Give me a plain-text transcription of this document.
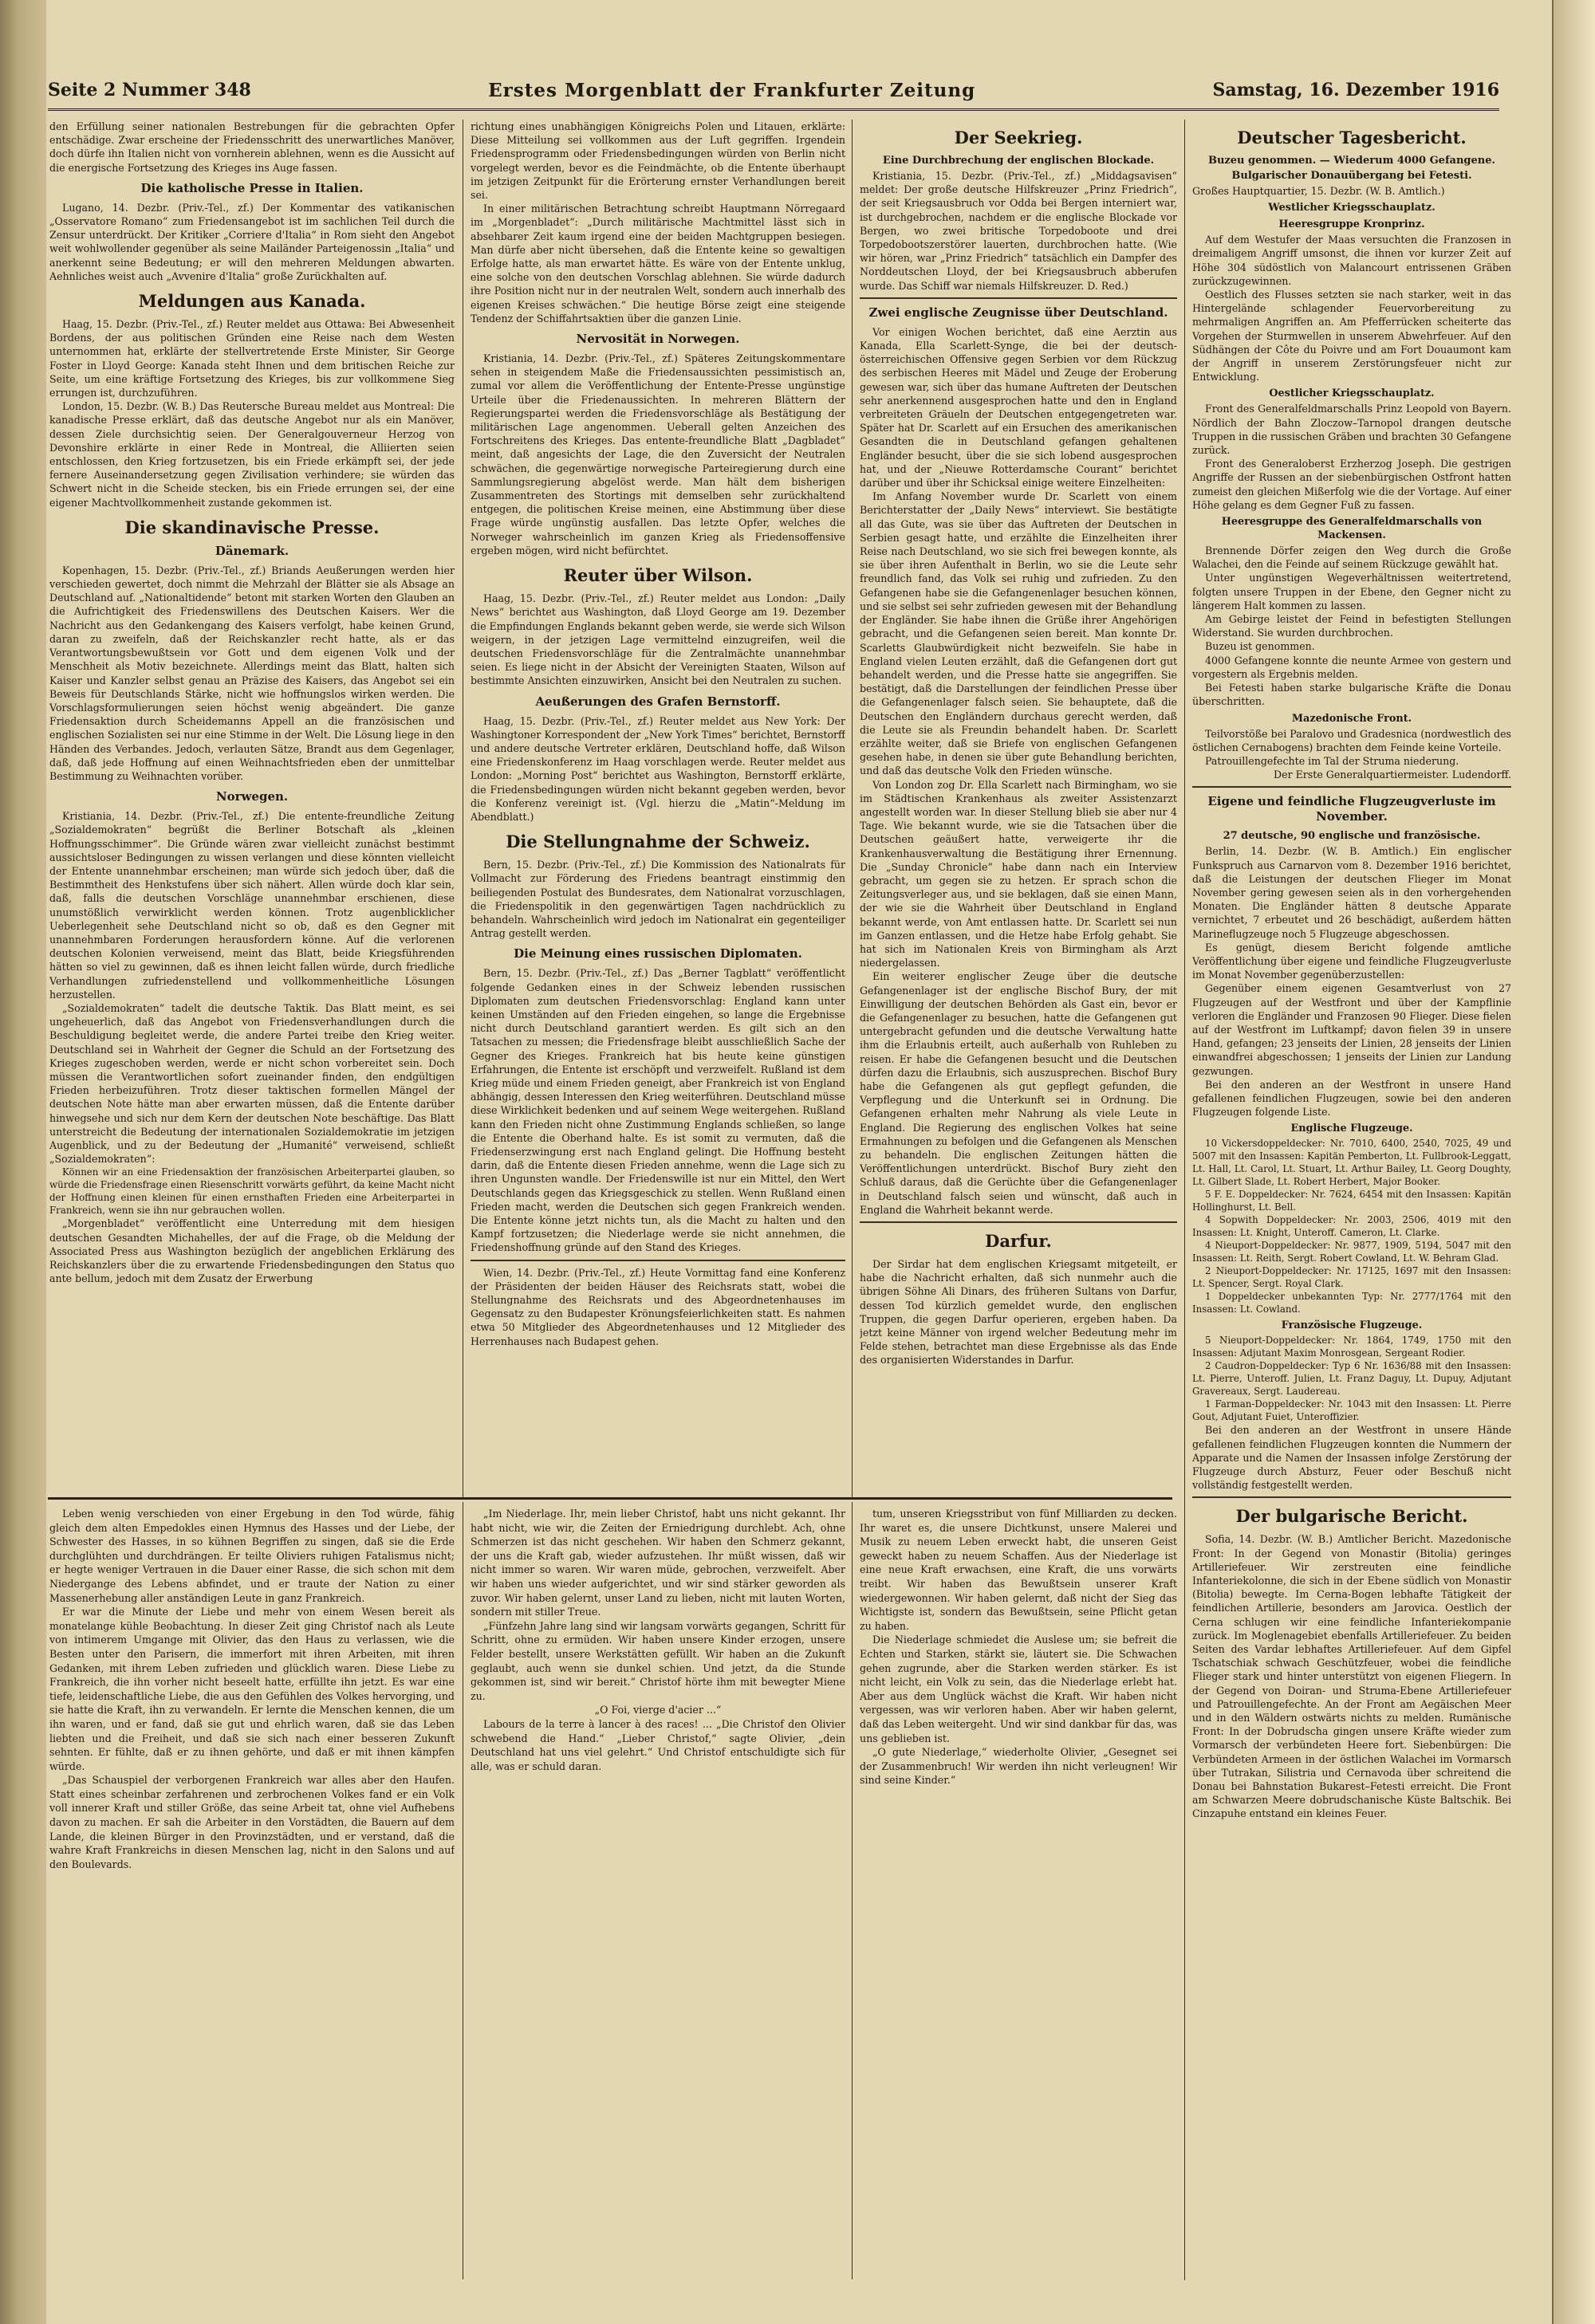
Seite 2 Nummer 348	Erstes Morgenblatt der Frankfurter Zeitung	Samstag, 16. Dezember 1916

den Erfüllung seiner nationalen Bestrebungen für die gebrachten Opfer entschädige. Zwar erscheine der Friedensschritt des unerwartliches Manöver, doch dürfe ihn Italien nicht von vornherein ablehnen, wenn es die Aussicht auf die energische Fortsetzung des Krieges ins Auge fassen.

Die katholische Presse in Italien.

Lugano, 14. Dezbr. (Priv.-Tel., zf.) Der Kommentar des vatikanischen „Osservatore Romano“ zum Friedensangebot ist im sachlichen Teil durch die Zensur unterdrückt. Der Kritiker „Corriere d'Italia“ in Rom sieht den Angebot weit wohlwollender gegenüber als seine Mailänder Parteigenossin „Italia“ und anerkennt seine Bedeutung; er will den mehreren Meldungen abwarten. Aehnliches weist auch „Avvenire d'Italia“ große Zurückhalten auf.

Meldungen aus Kanada.

Haag, 15. Dezbr. (Priv.-Tel., zf.) Reuter meldet aus Ottawa: Bei Abwesenheit Bordens, der aus politischen Gründen eine Reise nach dem Westen unternommen hat, erklärte der stellvertretende Erste Minister, Sir George Foster in Lloyd George: Kanada steht Ihnen und dem britischen Reiche zur Seite, um eine kräftige Fortsetzung des Krieges, bis zur vollkommene Sieg errungen ist, durchzuführen.

London, 15. Dezbr. (W. B.) Das Reutersche Bureau meldet aus Montreal: Die kanadische Presse erklärt, daß das deutsche Angebot nur als ein Manöver, dessen Ziele durchsichtig seien. Der Generalgouverneur Herzog von Devonshire erklärte in einer Rede in Montreal, die Alliierten seien entschlossen, den Krieg fortzusetzen, bis ein Friede erkämpft sei, der jede fernere Auseinandersetzung gegen Zivilisation verhindere; sie würden das Schwert nicht in die Scheide stecken, bis ein Friede errungen sei, der eine eigener Machtvollkommenheit zustande gekommen ist.

Die skandinavische Presse.
Dänemark.

Kopenhagen, 15. Dezbr. (Priv.-Tel., zf.) Briands Aeußerungen werden hier verschieden gewertet, doch nimmt die Mehrzahl der Blätter sie als Absage an Deutschland auf. „Nationaltidende“ betont mit starken Worten den Glauben an die Aufrichtigkeit des Friedenswillens des Deutschen Kaisers. Wer die Nachricht aus den Gedankengang des Kaisers verfolgt, habe keinen Grund, daran zu zweifeln, daß der Reichskanzler recht hatte, als er das Verantwortungsbewußtsein vor Gott und dem eigenen Volk und der Menschheit als Motiv bezeichnete. Allerdings meint das Blatt, halten sich Kaiser und Kanzler selbst genau an Präzise des Kaisers, das Angebot sei ein Beweis für Deutschlands Stärke, nicht wie hoffnungslos wirken werden. Die Vorschlagsformulierungen seien höchst wenig abgeändert. Die ganze Friedensaktion durch Scheidemanns Appell an die französischen und englischen Sozialisten sei nur eine Stimme in der Welt. Die Lösung liege in den Händen des Verbandes. Jedoch, verlauten Sätze, Brandt aus dem Gegenlager, daß, daß jede Hoffnung auf einen Weihnachtsfrieden eben der unmittelbar Bestimmung zu Weihnachten vorüber.

Norwegen.

Kristiania, 14. Dezbr. (Priv.-Tel., zf.) Die entente-freundliche Zeitung „Sozialdemokraten“ begrüßt die Berliner Botschaft als „kleinen Hoffnungsschimmer“. Die Gründe wären zwar vielleicht zunächst bestimmt aussichtsloser Bedingungen zu wissen verlangen und diese könnten vielleicht der Entente unannehmbar erscheinen; man würde sich jedoch über, daß die Bestimmtheit des Henkstufens über sich nähert. Allen würde doch klar sein, daß, falls die deutschen Vorschläge unannehmbar erschienen, diese unumstößlich verwirklicht werden können. Trotz augenblicklicher Ueberlegenheit sehe Deutschland nicht so ob, daß es den Gegner mit unannehmbaren Forderungen herausfordern könne. Auf die verlorenen deutschen Kolonien verweisend, meint das Blatt, beide Kriegsführenden hätten so viel zu gewinnen, daß es ihnen leicht fallen würde, durch friedliche Verhandlungen zufriedenstellend und vollkommenheitliche Lösungen herzustellen.

„Sozialdemokraten“ tadelt die deutsche Taktik. Das Blatt meint, es sei ungeheuerlich, daß das Angebot von Friedensverhandlungen durch die Beschuldigung begleitet werde, die andere Partei treibe den Krieg weiter. Deutschland sei in Wahrheit der Gegner die Schuld an der Fortsetzung des Krieges zugeschoben werden, werde er nicht schon vorbereitet sein. Doch müssen die Verantwortlichen sofort zueinander finden, den endgültigen Frieden herbeizuführen. Trotz dieser taktischen formellen Mängel der deutschen Note hätte man aber erwarten müssen, daß die Entente darüber hinwegsehe und sich nur dem Kern der deutschen Note beschäftige. Das Blatt unterstreicht die Bedeutung der internationalen Sozialdemokratie im jetzigen Augenblick, und zu der Bedeutung der „Humanité“ verweisend, schließt „Sozialdemokraten“:

Können wir an eine Friedensaktion der französischen Arbeiterpartei glauben, so würde die Friedensfrage einen Riesenschritt vorwärts geführt, da keine Macht nicht der Hoffnung einen kleinen für einen ernsthaften Frieden eine Arbeiterpartei in Frankreich, wenn sie ihn nur gebrauchen wollen.

„Morgenbladet“ veröffentlicht eine Unterredung mit dem hiesigen deutschen Gesandten Michahelles, der auf die Frage, ob die Meldung der Associated Press aus Washington bezüglich der angeblichen Erklärung des Reichskanzlers über die zu erwartende Friedensbedingungen den Status quo ante bellum, jedoch mit dem Zusatz der Erwerbung

richtung eines unabhängigen Königreichs Polen und Litauen, erklärte: Diese Mitteilung sei vollkommen aus der Luft gegriffen. Irgendein Friedensprogramm oder Friedensbedingungen würden von Berlin nicht vorgelegt werden, bevor es die Feindmächte, ob die Entente überhaupt im jetzigen Zeitpunkt für die Erörterung ernster Verhandlungen bereit sei.

In einer militärischen Betrachtung schreibt Hauptmann Nörregaard im „Morgenbladet“: „Durch militärische Machtmittel lässt sich in absehbarer Zeit kaum irgend eine der beiden Machtgruppen besiegen. Man dürfe aber nicht übersehen, daß die Entente keine so gewaltigen Erfolge hatte, als man erwartet hätte. Es wäre von der Entente unklug, eine solche von den deutschen Vorschlag ablehnen. Sie würde dadurch ihre Position nicht nur in der neutralen Welt, sondern auch innerhalb des eigenen Kreises schwächen.“ Die heutige Börse zeigt eine steigende Tendenz der Schiffahrtsaktien über die ganzen Linie.

Nervosität in Norwegen.

Kristiania, 14. Dezbr. (Priv.-Tel., zf.) Späteres Zeitungskommentare sehen in steigendem Maße die Friedensaussichten pessimistisch an, zumal vor allem die Veröffentlichung der Entente-Presse ungünstige Urteile über die Friedenaussichten. In mehreren Blättern der Regierungspartei werden die Friedensvorschläge als Bestätigung der militärischen Lage angenommen. Ueberall gelten Anzeichen des Fortschreitens des Krieges. Das entente-freundliche Blatt „Dagbladet“ meint, daß angesichts der Lage, die den Zuversicht der Neutralen schwächen, die gegenwärtige norwegische Parteiregierung durch eine Sammlungsregierung abgelöst werde. Man hält dem bisherigen Zusammentreten des Stortings mit demselben sehr zurückhaltend entgegen, die politischen Kreise meinen, eine Abstimmung über diese Frage würde ungünstig ausfallen. Das letzte Opfer, welches die Norweger wahrscheinlich im ganzen Krieg als Friedensoffensive ergeben mögen, wird nicht befürchtet.

Reuter über Wilson.

Haag, 15. Dezbr. (Priv.-Tel., zf.) Reuter meldet aus London: „Daily News“ berichtet aus Washington, daß Lloyd George am 19. Dezember die Empfindungen Englands bekannt geben werde, sie werde sich Wilson weigern, in der jetzigen Lage vermittelnd einzugreifen, weil die deutschen Friedensvorschläge für die Zentralmächte unannehmbar seien. Es liege nicht in der Absicht der Vereinigten Staaten, Wilson auf bestimmte Ansichten einzuwirken, Ansicht bei den Neutralen zu suchen.

Aeußerungen des Grafen Bernstorff.

Haag, 15. Dezbr. (Priv.-Tel., zf.) Reuter meldet aus New York: Der Washingtoner Korrespondent der „New York Times“ berichtet, Bernstorff und andere deutsche Vertreter erklären, Deutschland hoffe, daß Wilson eine Friedenskonferenz im Haag vorschlagen werde. Reuter meldet aus London: „Morning Post“ berichtet aus Washington, Bernstorff erklärte, die Friedensbedingungen würden nicht bekannt gegeben werden, bevor die Konferenz vereinigt ist. (Vgl. hierzu die „Matin“-Meldung im Abendblatt.)

Die Stellungnahme der Schweiz.

Bern, 15. Dezbr. (Priv.-Tel., zf.) Die Kommission des Nationalrats für Vollmacht zur Förderung des Friedens beantragt einstimmig den beiliegenden Postulat des Bundesrates, dem Nationalrat vorzuschlagen, die Friedenspolitik in den gegenwärtigen Tagen nachdrücklich zu behandeln. Wahrscheinlich wird jedoch im Nationalrat ein gegenteiliger Antrag gestellt werden.

Die Meinung eines russischen Diplomaten.

Bern, 15. Dezbr. (Priv.-Tel., zf.) Das „Berner Tagblatt“ veröffentlicht folgende Gedanken eines in der Schweiz lebenden russischen Diplomaten zum deutschen Friedensvorschlag: England kann unter keinen Umständen auf den Frieden eingehen, so lange die Ergebnisse nicht durch Deutschland garantiert werden. Es gilt sich an den Tatsachen zu messen; die Friedensfrage bleibt ausschließlich Sache der Gegner des Krieges. Frankreich hat bis heute keine günstigen Erfahrungen, die Entente ist erschöpft und verzweifelt. Rußland ist dem Krieg müde und einem Frieden geneigt, aber Frankreich ist von England abhängig, dessen Interessen den Krieg weiterführen. Deutschland müsse diese Wirklichkeit bedenken und auf seinem Wege weitergehen. Rußland kann den Frieden nicht ohne Zustimmung Englands schließen, so lange die Entente die Oberhand halte. Es ist somit zu vermuten, daß die Friedenserzwingung erst nach England gelingt. Die Hoffnung besteht darin, daß die Entente diesen Frieden annehme, wenn die Lage sich zu ihren Ungunsten wandle. Der Friedenswille ist nur ein Mittel, den Wert Deutschlands gegen das Kriegsgeschick zu stellen. Wenn Rußland einen Frieden macht, werden die Deutschen sich gegen Frankreich wenden. Die Entente könne jetzt nichts tun, als die Macht zu halten und den Kampf fortzusetzen; die Niederlage werde sie nicht annehmen, die Friedenshoffnung gründe auf den Stand des Krieges.

Wien, 14. Dezbr. (Priv.-Tel., zf.) Heute Vormittag fand eine Konferenz der Präsidenten der beiden Häuser des Reichsrats statt, wobei die Stellungnahme des Reichsrats und des Abgeordnetenhauses im Gegensatz zu den Budapester Krönungsfeierlichkeiten statt. Es nahmen etwa 50 Mitglieder des Abgeordnetenhauses und 12 Mitglieder des Herrenhauses nach Budapest gehen.

Der Seekrieg.
Eine Durchbrechung der englischen Blockade.

Kristiania, 15. Dezbr. (Priv.-Tel., zf.) „Middagsavisen“ meldet: Der große deutsche Hilfskreuzer „Prinz Friedrich“, der seit Kriegsausbruch vor Odda bei Bergen interniert war, ist durchgebrochen, nachdem er die englische Blockade vor Bergen, wo zwei britische Torpedoboote und drei Torpedobootszerstörer lauerten, durchbrochen hatte. (Wie wir hören, war „Prinz Friedrich“ tatsächlich ein Dampfer des Norddeutschen Lloyd, der bei Kriegsausbruch abberufen wurde. Das Schiff war niemals Hilfskreuzer. D. Red.)

Zwei englische Zeugnisse über Deutschland.

Vor einigen Wochen berichtet, daß eine Aerztin aus Kanada, Ella Scarlett-Synge, die bei der deutsch-österreichischen Offensive gegen Serbien vor dem Rückzug des serbischen Heeres mit Mädel und Zeuge der Eroberung gewesen war, sich über das humane Auftreten der Deutschen sehr anerkennend ausgesprochen hatte und den in England verbreiteten Gräueln der Deutschen entgegengetreten war. Später hat Dr. Scarlett auf ein Ersuchen des amerikanischen Gesandten die in Deutschland gefangen gehaltenen Engländer besucht, über die sie sich lobend ausgesprochen hat, und der „Nieuwe Rotterdamsche Courant“ berichtet darüber und über ihr Schicksal einige weitere Einzelheiten:

Im Anfang November wurde Dr. Scarlett von einem Berichterstatter der „Daily News“ interviewt. Sie bestätigte all das Gute, was sie über das Auftreten der Deutschen in Serbien gesagt hatte, und erzählte die Einzelheiten ihrer Reise nach Deutschland, wo sie sich frei bewegen konnte, als sie über ihren Aufenthalt in Berlin, wo sie die Leute sehr freundlich fand, das Volk sei ruhig und zufrieden. Zu den Gefangenen habe sie die Gefangenenlager besuchen können, und sie selbst sei sehr zufrieden gewesen mit der Behandlung der Engländer. Sie habe ihnen die Grüße ihrer Angehörigen gebracht, und die Gefangenen seien bereit. Man konnte Dr. Scarletts Glaubwürdigkeit nicht bezweifeln. Sie habe in England vielen Leuten erzählt, daß die Gefangenen dort gut behandelt werden, und die Presse hatte sie angegriffen. Sie bestätigt, daß die Darstellungen der feindlichen Presse über die Gefangenenlager falsch seien. Sie behauptete, daß die Deutschen den Engländern durchaus gerecht werden, daß die Leute sie als Freundin behandelt haben. Dr. Scarlett erzählte weiter, daß sie Briefe von englischen Gefangenen gesehen habe, in denen sie über gute Behandlung berichten, und daß das deutsche Volk den Frieden wünsche.

Von London zog Dr. Ella Scarlett nach Birmingham, wo sie im Städtischen Krankenhaus als zweiter Assistenzarzt angestellt worden war. In dieser Stellung blieb sie aber nur 4 Tage. Wie bekannt wurde, wie sie die Tatsachen über die Deutschen geäußert hatte, verweigerte ihr die Krankenhausverwaltung die Bestätigung ihrer Ernennung. Die „Sunday Chronicle“ habe dann nach ein Interview gebracht, um gegen sie zu hetzen. Er sprach schon die Zeitungsverleger aus, und sie beklagen, daß sie einen Mann, der wie sie die Wahrheit über Deutschland in England bekannt werde, von Amt entlassen hatte. Dr. Scarlett sei nun im Ganzen entlassen, und die Hetze habe Erfolg gehabt. Sie hat sich im Nationalen Kreis von Birmingham als Arzt niedergelassen.

Ein weiterer englischer Zeuge über die deutsche Gefangenenlager ist der englische Bischof Bury, der mit Einwilligung der deutschen Behörden als Gast ein, bevor er die Gefangenenlager zu besuchen, hatte die Gefangenen gut untergebracht gefunden und die deutsche Verwaltung hatte ihm die Erlaubnis erteilt, auch außerhalb von Ruhleben zu reisen. Er habe die Gefangenen besucht und die Deutschen dürfen dazu die Erlaubnis, sich auszusprechen. Bischof Bury habe die Gefangenen als gut gepflegt gefunden, die Verpflegung und die Unterkunft sei in Ordnung. Die Gefangenen erhalten mehr Nahrung als viele Leute in England. Die Regierung des englischen Volkes hat seine Ermahnungen zu befolgen und die Gefangenen als Menschen zu behandeln. Die englischen Zeitungen hätten die Veröffentlichungen unterdrückt. Bischof Bury zieht den Schluß daraus, daß die Gerüchte über die Gefangenenlager in Deutschland falsch seien und wünscht, daß auch in England die Wahrheit bekannt werde.

Darfur.

Der Sirdar hat dem englischen Kriegsamt mitgeteilt, er habe die Nachricht erhalten, daß sich nunmehr auch die übrigen Söhne Ali Dinars, des früheren Sultans von Darfur, dessen Tod kürzlich gemeldet wurde, den englischen Truppen, die gegen Darfur operieren, ergeben haben. Da jetzt keine Männer von irgend welcher Bedeutung mehr im Felde stehen, betrachtet man diese Ergebnisse als das Ende des organisierten Widerstandes in Darfur.

Deutscher Tagesbericht.
Buzeu genommen. — Wiederum 4000 Gefangene.
Bulgarischer Donauübergang bei Fetesti.

Großes Hauptquartier, 15. Dezbr. (W. B. Amtlich.)

Westlicher Kriegsschauplatz.
Heeresgruppe Kronprinz.

Auf dem Westufer der Maas versuchten die Franzosen in dreimaligem Angriff umsonst, die ihnen vor kurzer Zeit auf Höhe 304 südöstlich von Malancourt entrissenen Gräben zurückzugewinnen.

Oestlich des Flusses setzten sie nach starker, weit in das Hintergelände schlagender Feuervorbereitung zu mehrmaligen Angriffen an. Am Pfefferrücken scheiterte das Vorgehen der Sturmwellen in unserem Abwehrfeuer. Auf den Südhängen der Côte du Poivre und am Fort Douaumont kam der Angriff in unserem Zerstörungsfeuer nicht zur Entwicklung.

Oestlicher Kriegsschauplatz.

Front des Generalfeldmarschalls Prinz Leopold von Bayern. Nördlich der Bahn Zloczow–Tarnopol drangen deutsche Truppen in die russischen Gräben und brachten 30 Gefangene zurück.

Front des Generaloberst Erzherzog Joseph. Die gestrigen Angriffe der Russen an der siebenbürgischen Ostfront hatten zumeist den gleichen Mißerfolg wie die der Vortage. Auf einer Höhe gelang es dem Gegner Fuß zu fassen.

Heeresgruppe des Generalfeldmarschalls von Mackensen.

Brennende Dörfer zeigen den Weg durch die Große Walachei, den die Feinde auf seinem Rückzuge gewählt hat.

Unter ungünstigen Wegeverhältnissen weitertretend, folgten unsere Truppen in der Ebene, den Gegner nicht zu längerem Halt kommen zu lassen.

Am Gebirge leistet der Feind in befestigten Stellungen Widerstand. Sie wurden durchbrochen.

Buzeu ist genommen.

4000 Gefangene konnte die neunte Armee von gestern und vorgestern als Ergebnis melden.

Bei Fetesti haben starke bulgarische Kräfte die Donau überschritten.

Mazedonische Front.

Teilvorstöße bei Paralovo und Gradesnica (nordwestlich des östlichen Cernabogens) brachten dem Feinde keine Vorteile.

Patrouillengefechte im Tal der Struma niederung.

Der Erste Generalquartiermeister. Ludendorff.

Eigene und feindliche Flugzeugverluste im November.
27 deutsche, 90 englische und französische.

Berlin, 14. Dezbr. (W. B. Amtlich.) Ein englischer Funkspruch aus Carnarvon vom 8. Dezember 1916 berichtet, daß die Leistungen der deutschen Flieger im Monat November gering gewesen seien als in den vorhergehenden Monaten. Die Engländer hätten 8 deutsche Apparate vernichtet, 7 erbeutet und 26 beschädigt, außerdem hätten Marineflugzeuge noch 5 Flugzeuge abgeschossen.

Es genügt, diesem Bericht folgende amtliche Veröffentlichung über eigene und feindliche Flugzeugverluste im Monat November gegenüberzustellen:

Gegenüber einem eigenen Gesamtverlust von 27 Flugzeugen auf der Westfront und über der Kampflinie verloren die Engländer und Franzosen 90 Flieger. Diese fielen auf der Westfront im Luftkampf; davon fielen 39 in unsere Hand, gefangen; 23 jenseits der Linien, 28 jenseits der Linien einwandfrei abgeschossen; 1 jenseits der Linien zur Landung gezwungen.

Bei den anderen an der Westfront in unsere Hand gefallenen feindlichen Flugzeugen, sowie bei den anderen Flugzeugen folgende Liste.

Englische Flugzeuge.

10 Vickersdoppeldecker: Nr. 7010, 6400, 2540, 7025, 49 und 5007 mit den Insassen: Kapitän Pemberton, Lt. Fullbrook-Leggatt, Lt. Hall, Lt. Carol, Lt. Stuart, Lt. Arthur Bailey, Lt. Georg Doughty, Lt. Gilbert Slade, Lt. Robert Herbert, Major Booker.

5 F. E. Doppeldecker: Nr. 7624, 6454 mit den Insassen: Kapitän Hollinghurst, Lt. Bell.

4 Sopwith Doppeldecker: Nr. 2003, 2506, 4019 mit den Insassen: Lt. Knight, Unteroff. Cameron, Lt. Clarke.

4 Nieuport-Doppeldecker: Nr. 9877, 1909, 5194, 5047 mit den Insassen: Lt. Reith, Sergt. Robert Cowland, Lt. W. Behram Glad.

2 Nieuport-Doppeldecker: Nr. 17125, 1697 mit den Insassen: Lt. Spencer, Sergt. Royal Clark.

1 Doppeldecker unbekannten Typ: Nr. 2777/1764 mit den Insassen: Lt. Cowland.

Französische Flugzeuge.

5 Nieuport-Doppeldecker: Nr. 1864, 1749, 1750 mit den Insassen: Adjutant Maxim Monrosgean, Sergeant Rodier.

2 Caudron-Doppeldecker: Typ 6 Nr. 1636/88 mit den Insassen: Lt. Pierre, Unteroff. Julien, Lt. Franz Daguy, Lt. Dupuy, Adjutant Gravereaux, Sergt. Laudereau.

1 Farman-Doppeldecker: Nr. 1043 mit den Insassen: Lt. Pierre Gout, Adjutant Fuiet, Unteroffizier.

Bei den anderen an der Westfront in unsere Hände gefallenen feindlichen Flugzeugen konnten die Nummern der Apparate und die Namen der Insassen infolge Zerstörung der Flugzeuge durch Absturz, Feuer oder Beschuß nicht vollständig festgestellt werden.

Der bulgarische Bericht.

Sofia, 14. Dezbr. (W. B.) Amtlicher Bericht. Mazedonische Front: In der Gegend von Monastir (Bitolia) geringes Artilleriefeuer. Wir zerstreuten eine feindliche Infanteriekolonne, die sich in der Ebene südlich von Monastir (Bitolia) bewegte. Im Cerna-Bogen lebhafte Tätigkeit der feindlichen Artillerie, besonders am Jarovica. Oestlich der Cerna schlugen wir eine feindliche Infanteriekompanie zurück. Im Moglenagebiet ebenfalls Artilleriefeuer. Zu beiden Seiten des Vardar lebhaftes Artilleriefeuer. Auf dem Gipfel Tschatschiak schwach Geschützfeuer, wobei die feindliche Flieger stark und hinter unterstützt von eigenen Fliegern. In der Gegend von Doiran- und Struma-Ebene Artilleriefeuer und Patrouillengefechte. An der Front am Aegäischen Meer und in den Wäldern ostwärts nichts zu melden. Rumänische Front: In der Dobrudscha gingen unsere Kräfte wieder zum Vormarsch der verbündeten Heere fort. Siebenbürgen: Die Verbündeten Armeen in der östlichen Walachei im Vormarsch über Tutrakan, Silistria und Cernavoda über schreitend die Donau bei Bahnstation Bukarest–Fetesti erreicht. Die Front am Schwarzen Meere dobrudschanische Küste Baltschik. Bei Cinzapuhe entstand ein kleines Feuer.

Leben wenig verschieden von einer Ergebung in den Tod würde, fähig gleich dem alten Empedokles einen Hymnus des Hasses und der Liebe, der Schwester des Hasses, in so kühnen Begriffen zu singen, daß sie die Erde durchglühten und durchdrängen. Er teilte Oliviers ruhigen Fatalismus nicht; er hegte weniger Vertrauen in die Dauer einer Rasse, die sich schon mit dem Niedergange des Lebens abfindet, und er traute der Nation zu einer Massenerhebung aller anständigen Leute in ganz Frankreich.

Er war die Minute der Liebe und mehr von einem Wesen bereit als monatelange kühle Beobachtung. In dieser Zeit ging Christof nach als Leute von intimerem Umgange mit Olivier, das den Haus zu verlassen, wie die Besten unter den Parisern, die immerfort mit ihren Arbeiten, mit ihren Gedanken, mit ihrem Leben zufrieden und glücklich waren. Diese Liebe zu Frankreich, die ihn vorher nicht beseelt hatte, erfüllte ihn jetzt. Es war eine tiefe, leidenschaftliche Liebe, die aus den Gefühlen des Volkes hervorging, und sie hatte die Kraft, ihn zu verwandeln. Er lernte die Menschen kennen, die um ihn waren, und er fand, daß sie gut und ehrlich waren, daß sie das Leben liebten und die Freiheit, und daß sie sich nach einer besseren Zukunft sehnten. Er fühlte, daß er zu ihnen gehörte, und daß er mit ihnen kämpfen würde.

„Das Schauspiel der verborgenen Frankreich war alles aber den Haufen. Statt eines scheinbar zerfahrenen und zerbrochenen Volkes fand er ein Volk voll innerer Kraft und stiller Größe, das seine Arbeit tat, ohne viel Aufhebens davon zu machen. Er sah die Arbeiter in den Vorstädten, die Bauern auf dem Lande, die kleinen Bürger in den Provinzstädten, und er verstand, daß die wahre Kraft Frankreichs in diesen Menschen lag, nicht in den Salons und auf den Boulevards.

„Im Niederlage. Ihr, mein lieber Christof, habt uns nicht gekannt. Ihr habt nicht, wie wir, die Zeiten der Erniedrigung durchlebt. Ach, ohne Schmerzen ist das nicht geschehen. Wir haben den Schmerz gekannt, der uns die Kraft gab, wieder aufzustehen. Ihr müßt wissen, daß wir nicht immer so waren. Wir waren müde, gebrochen, verzweifelt. Aber wir haben uns wieder aufgerichtet, und wir sind stärker geworden als zuvor. Wir haben gelernt, unser Land zu lieben, nicht mit lauten Worten, sondern mit stiller Treue.

„Fünfzehn Jahre lang sind wir langsam vorwärts gegangen, Schritt für Schritt, ohne zu ermüden. Wir haben unsere Kinder erzogen, unsere Felder bestellt, unsere Werkstätten gefüllt. Wir haben an die Zukunft geglaubt, auch wenn sie dunkel schien. Und jetzt, da die Stunde gekommen ist, sind wir bereit.“ Christof hörte ihm mit bewegter Miene zu.

„O Foi, vierge d'acier ...“

Labours de la terre à lancer à des races! ... „Die Christof den Olivier schwebend die Hand.“ „Lieber Christof,“ sagte Olivier, „dein Deutschland hat uns viel gelehrt.“ Und Christof entschuldigte sich für alle, was er schuld daran.

tum, unseren Kriegsstribut von fünf Milliarden zu decken. Ihr waret es, die unsere Dichtkunst, unsere Malerei und Musik zu neuem Leben erweckt habt, die unseren Geist geweckt haben zu neuem Schaffen. Aus der Niederlage ist eine neue Kraft erwachsen, eine Kraft, die uns vorwärts treibt. Wir haben das Bewußtsein unserer Kraft wiedergewonnen. Wir haben gelernt, daß nicht der Sieg das Wichtigste ist, sondern das Bewußtsein, seine Pflicht getan zu haben.

Die Niederlage schmiedet die Auslese um; sie befreit die Echten und Starken, stärkt sie, läutert sie. Die Schwachen gehen zugrunde, aber die Starken werden stärker. Es ist nicht leicht, ein Volk zu sein, das die Niederlage erlebt hat. Aber aus dem Unglück wächst die Kraft. Wir haben nicht vergessen, was wir verloren haben. Aber wir haben gelernt, daß das Leben weitergeht. Und wir sind dankbar für das, was uns geblieben ist.

„O gute Niederlage,“ wiederholte Olivier, „Gesegnet sei der Zusammenbruch! Wir werden ihn nicht verleugnen! Wir sind seine Kinder.“
